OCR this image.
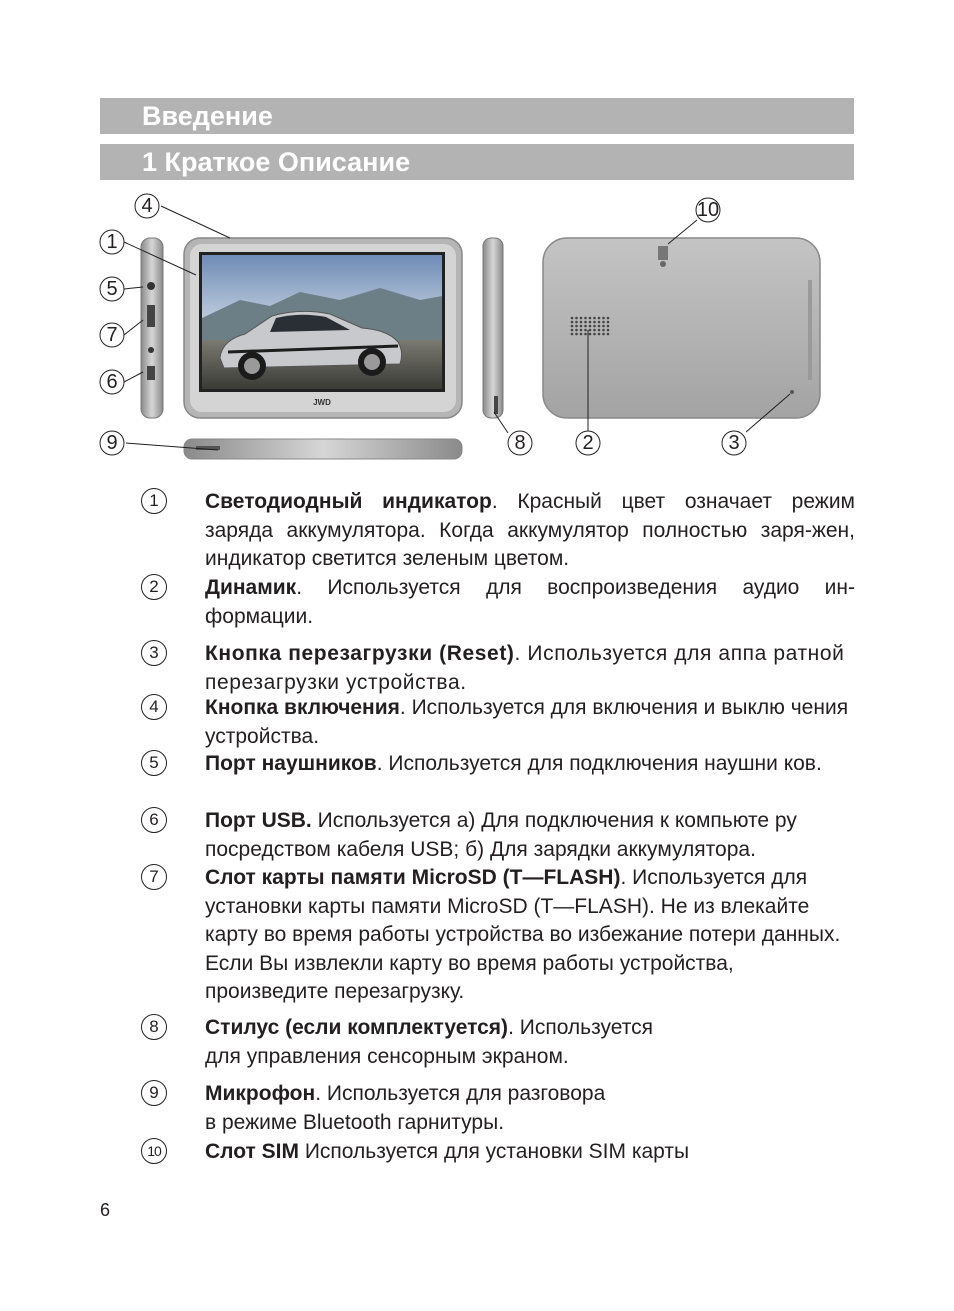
Введение
1 Краткое Описание
JWD
1
2	3
4
5
6
7
8
9
10
1	Светодиодный индикатор. Красный цвет означает режим заряда аккумулятора. Когда аккумулятор полностью заря-жен, индикатор светится зеленым цветом.
2	Динамик. Используется для воспроизведения аудио ин-формации.
3	Кнопка перезагрузки (Reset). Используется для аппа ратной перезагрузки устройства.
4	Кнопка включения. Используется для включения и выклю чения устройства.
5	Порт наушников. Используется для подключения наушни ков.
6	Порт USB. Используется а) Для подключения к компьюте ру посредством кабеля USB; б) Для зарядки аккумулятора.
7	Слот карты памяти MicroSD (T—FLASH). Используется для установки карты памяти MicroSD (T—FLASH). Не из влекайте карту во время работы устройства во избежание потери данных. Если Вы извлекли карту во время работы устройства, произведите перезагрузку.
8	Стилус (если комплектуется). Используется
для управления сенсорным экраном.
9	Микрофон. Используется для разговора
в режиме Bluetooth гарнитуры.
10 Слот SIM Используется для установки SIM карты
6
